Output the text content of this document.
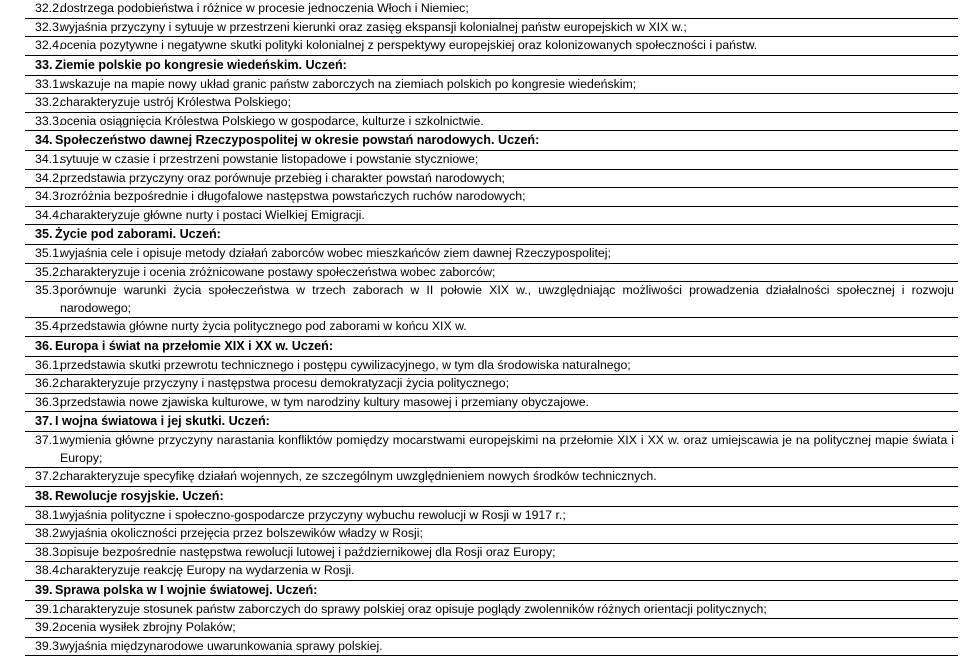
32.2.
dostrzega podobieństwa i różnice w procesie jednoczenia Włoch i Niemiec;
32.3.
wyjaśnia przyczyny i sytuuje w przestrzeni kierunki oraz zasięg ekspansji kolonialnej państw europejskich w XIX w.;
32.4.
ocenia pozytywne i negatywne skutki polityki kolonialnej z perspektywy europejskiej oraz kolonizowanych społeczności i państw.
33. Ziemie polskie po kongresie wiedeńskim. Uczeń:
33.1.
wskazuje na mapie nowy układ granic państw zaborczych na ziemiach polskich po kongresie wiedeńskim;
33.2.
charakteryzuje ustrój Królestwa Polskiego;
33.3.
ocenia osiągnięcia Królestwa Polskiego w gospodarce, kulturze i szkolnictwie.
34. Społeczeństwo dawnej Rzeczypospolitej w okresie powstań narodowych. Uczeń:
34.1.
sytuuje w czasie i przestrzeni powstanie listopadowe i powstanie styczniowe;
34.2.
przedstawia przyczyny oraz porównuje przebieg i charakter powstań narodowych;
34.3.
rozróżnia bezpośrednie i długofalowe następstwa powstańczych ruchów narodowych;
34.4.
charakteryzuje główne nurty i postaci Wielkiej Emigracji.
35. Życie pod zaborami. Uczeń:
35.1.
wyjaśnia cele i opisuje metody działań zaborców wobec mieszkańców ziem dawnej Rzeczypospolitej;
35.2.
charakteryzuje i ocenia zróżnicowane postawy społeczeństwa wobec zaborców;
35.3.
porównuje warunki życia społeczeństwa w trzech zaborach w II połowie XIX w., uwzględniając możliwości prowadzenia działalności społecznej i rozwoju narodowego;
35.4.
przedstawia główne nurty życia politycznego pod zaborami w końcu XIX w.
36. Europa i świat na przełomie XIX i XX w. Uczeń:
36.1.
przedstawia skutki przewrotu technicznego i postępu cywilizacyjnego, w tym dla środowiska naturalnego;
36.2.
charakteryzuje przyczyny i następstwa procesu demokratyzacji życia politycznego;
36.3.
przedstawia nowe zjawiska kulturowe, w tym narodziny kultury masowej i przemiany obyczajowe.
37. I wojna światowa i jej skutki. Uczeń:
37.1.
wymienia główne przyczyny narastania konfliktów pomiędzy mocarstwami europejskimi na przełomie XIX i XX w. oraz umiejscawia je na politycznej mapie świata i Europy;
37.2.
charakteryzuje specyfikę działań wojennych, ze szczególnym uwzględnieniem nowych środków technicznych.
38. Rewolucje rosyjskie. Uczeń:
38.1.
wyjaśnia polityczne i społeczno-gospodarcze przyczyny wybuchu rewolucji w Rosji w 1917 r.;
38.2.
wyjaśnia okoliczności przejęcia przez bolszewików władzy w Rosji;
38.3.
opisuje bezpośrednie następstwa rewolucji lutowej i październikowej dla Rosji oraz Europy;
38.4.
charakteryzuje reakcję Europy na wydarzenia w Rosji.
39. Sprawa polska w I wojnie światowej. Uczeń:
39.1.
charakteryzuje stosunek państw zaborczych do sprawy polskiej oraz opisuje poglądy zwolenników różnych orientacji politycznych;
39.2.
ocenia wysiłek zbrojny Polaków;
39.3.
wyjaśnia międzynarodowe uwarunkowania sprawy polskiej.
